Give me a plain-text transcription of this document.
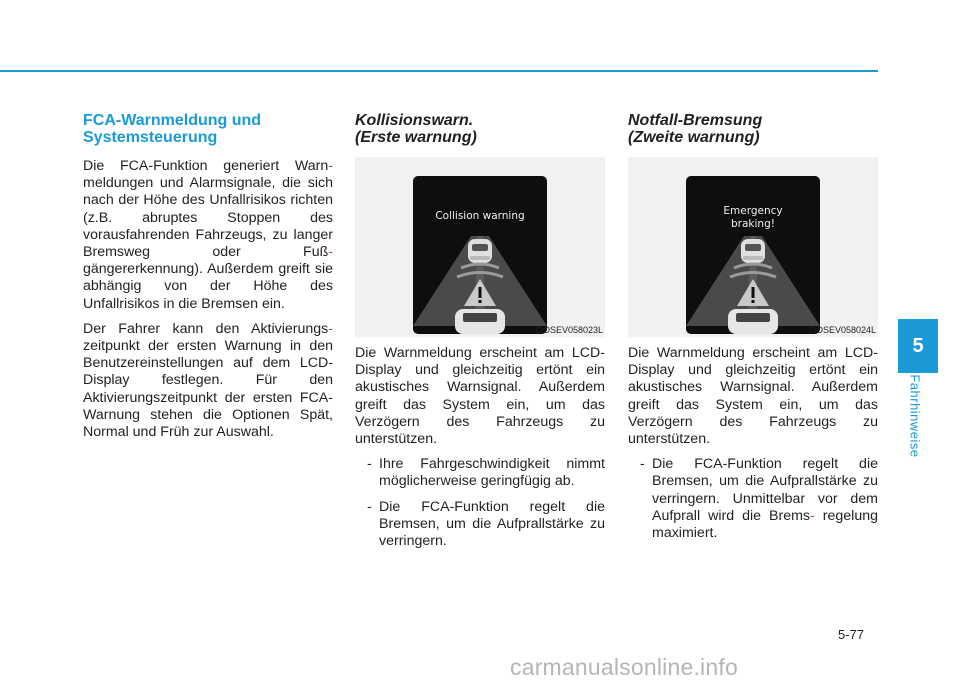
FCA-Warnmeldung und
Systemsteuerung

Die FCA-Funktion generiert Warn- meldungen und Alarmsignale, die sich nach der Höhe des Unfallrisikos richten (z.B. abruptes Stoppen des vorausfahrenden Fahrzeugs, zu langer Bremsweg oder Fuß- gängererkennung). Außerdem greift sie abhängig von der Höhe des Unfallrisikos in die Bremsen ein.

Der Fahrer kann den Aktivierungs- zeitpunkt der ersten Warnung in den Benutzereinstellungen auf dem LCD-Display festlegen. Für den Aktivierungszeitpunkt der ersten FCA-Warnung stehen die Optionen Spät, Normal und Früh zur Auswahl.

Kollisionswarn.
(Erste warnung)
Collision warning
OOSEV058023L

Die Warnmeldung erscheint am LCD-Display und gleichzeitig ertönt ein akustisches Warnsignal. Außerdem greift das System ein, um das Verzögern des Fahrzeugs zu unterstützen.

- Ihre Fahrgeschwindigkeit nimmt möglicherweise geringfügig ab.
- Die FCA-Funktion regelt die Bremsen, um die Aufprallstärke zu verringern.
Notfall-Bremsung
(Zweite warnung)
Emergency
braking!
OOSEV058024L

Die Warnmeldung erscheint am LCD-Display und gleichzeitig ertönt ein akustisches Warnsignal. Außerdem greift das System ein, um das Verzögern des Fahrzeugs zu unterstützen.

- Die FCA-Funktion regelt die Bremsen, um die Aufprallstärke zu verringern. Unmittelbar vor dem Aufprall wird die Brems- regelung maximiert.
5
Fahrhinweise
5-77
carmanualsonline.info
